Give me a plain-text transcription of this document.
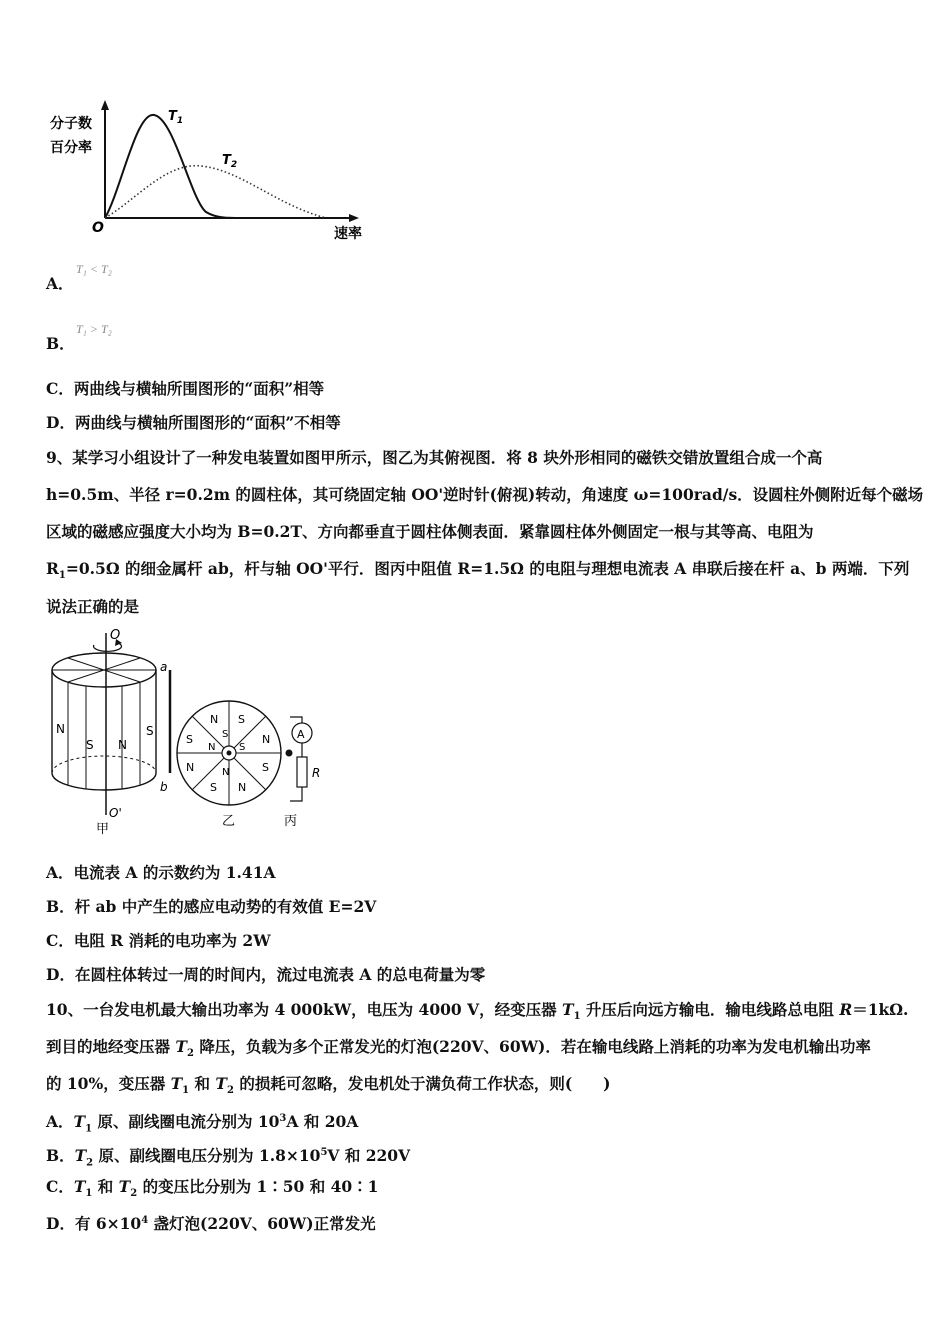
分子数
百分率
O	速率
$T_1$
$T_2$
T₁ < T₂
A．
T₁ > T₂
B．
C．两曲线与横轴所围图形的“面积”相等
D．两曲线与横轴所围图形的“面积”不相等
9、某学习小组设计了一种发电装置如图甲所示，图乙为其俯视图．将 8 块外形相同的磁铁交错放置组合成一个高
h=0.5m、半径 r=0.2m 的圆柱体，其可绕固定轴 OO'逆时针(俯视)转动，角速度 ω=100rad/s．设圆柱外侧附近每个磁场
区域的磁感应强度大小均为 B=0.2T、方向都垂直于圆柱体侧表面．紧靠圆柱体外侧固定一根与其等高、电阻为
$R_1=0.5\Omega$ 的细金属杆 ab，杆与轴 OO'平行．图丙中阻值 R=1.5Ω 的电阻与理想电流表 A 串联后接在杆 a、b 两端．下列
说法正确的是
O
N
S N
S
a
b
O'
甲
N S
S	N
N	S
S N
S
N S
N
乙
A
R
丙
A．电流表 A 的示数约为 1.41A
B．杆 ab 中产生的感应电动势的有效值 E=2V
C．电阻 R 消耗的电功率为 2W
D．在圆柱体转过一周的时间内，流过电流表 A 的总电荷量为零
10、一台发电机最大输出功率为 4 000kW，电压为 4000 V，经变压器 $T_1$ 升压后向远方输电．输电线路总电阻 R＝1kΩ.
到目的地经变压器 $T_2$ 降压，负载为多个正常发光的灯泡(220V、60W)．若在输电线路上消耗的功率为发电机输出功率
的 10%，变压器 $T_1$ 和 $T_2$ 的损耗可忽略，发电机处于满负荷工作状态，则(　　)
A．$T_1$ 原、副线圈电流分别为 $10^3A$ 和 20A
B．$T_2$ 原、副线圈电压分别为 $1.8\times 10^5V$ 和 220V
C．$T_1$ 和 $T_2$ 的变压比分别为 1∶50 和 40∶1
D．有 $6\times 10^4$ 盏灯泡(220V、60W)正常发光
